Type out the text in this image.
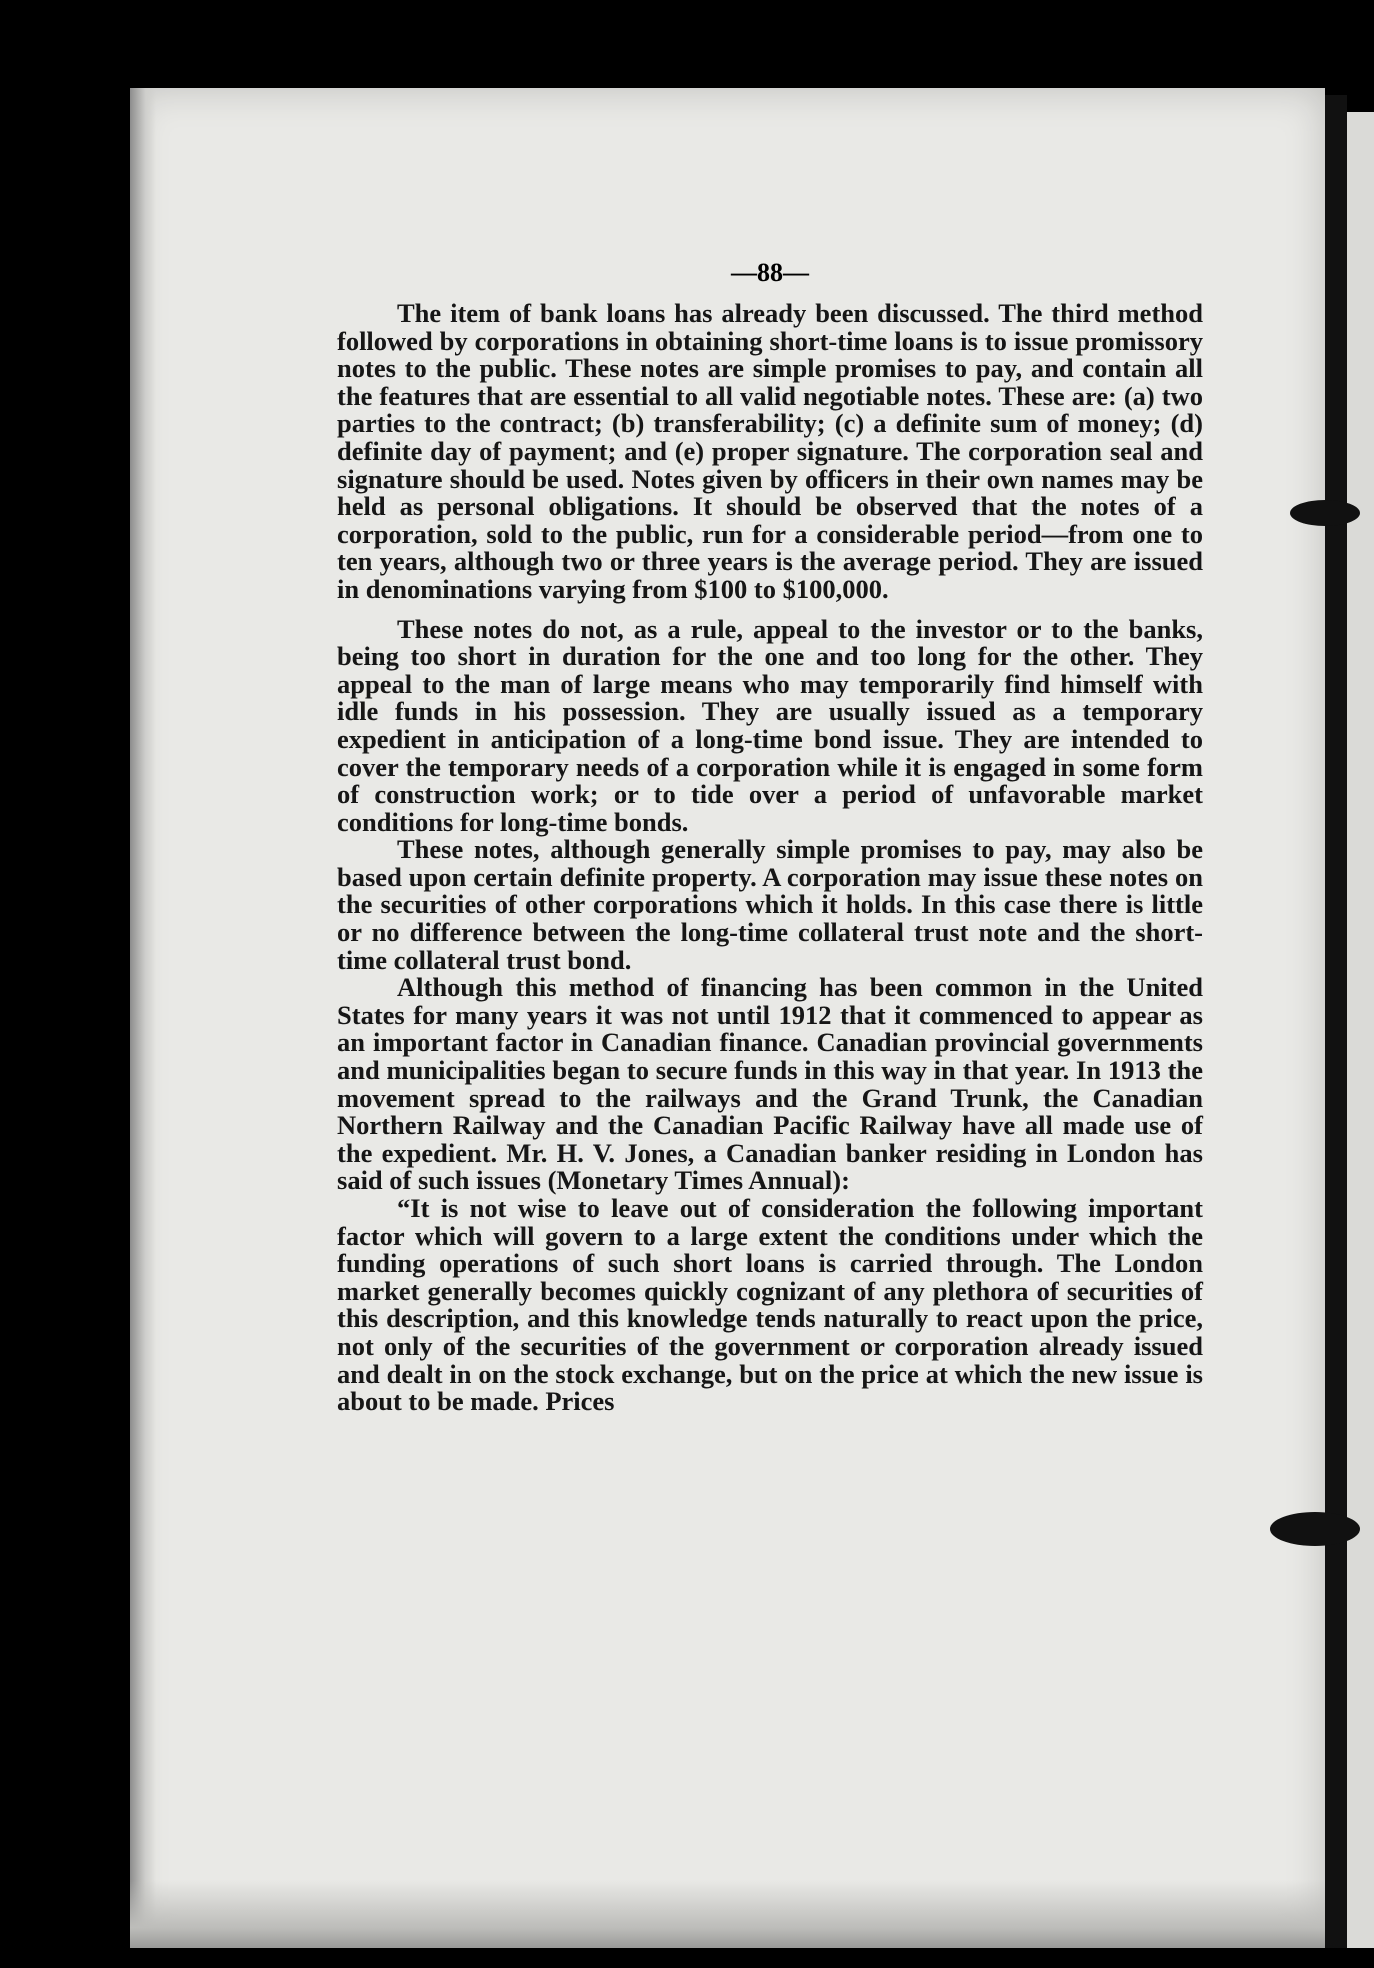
—88—

The item of bank loans has already been discussed. The third method followed by corporations in obtaining short-time loans is to issue promissory notes to the public. These notes are simple promises to pay, and contain all the features that are essential to all valid negotiable notes. These are: (a) two parties to the contract; (b) transferability; (c) a definite sum of money; (d) definite day of payment; and (e) proper signature. The corporation seal and signature should be used. Notes given by officers in their own names may be held as personal obligations. It should be observed that the notes of a corporation, sold to the public, run for a considerable period—from one to ten years, although two or three years is the average period. They are issued in denominations varying from $100 to $100,000.

These notes do not, as a rule, appeal to the investor or to the banks, being too short in duration for the one and too long for the other. They appeal to the man of large means who may temporarily find himself with idle funds in his possession. They are usually issued as a temporary expedient in anticipation of a long-time bond issue. They are intended to cover the temporary needs of a corporation while it is engaged in some form of construction work; or to tide over a period of unfavorable market conditions for long-time bonds.

These notes, although generally simple promises to pay, may also be based upon certain definite property. A corporation may issue these notes on the securities of other corporations which it holds. In this case there is little or no difference between the long-time collateral trust note and the short-time collateral trust bond.

Although this method of financing has been common in the United States for many years it was not until 1912 that it commenced to appear as an important factor in Canadian finance. Canadian provincial governments and municipalities began to secure funds in this way in that year. In 1913 the movement spread to the railways and the Grand Trunk, the Canadian Northern Railway and the Canadian Pacific Railway have all made use of the expedient. Mr. H. V. Jones, a Canadian banker residing in London has said of such issues (Monetary Times Annual):

“It is not wise to leave out of consideration the following important factor which will govern to a large extent the conditions under which the funding operations of such short loans is carried through. The London market generally becomes quickly cognizant of any plethora of securities of this description, and this knowledge tends naturally to react upon the price, not only of the securities of the government or corporation already issued and dealt in on the stock exchange, but on the price at which the new issue is about to be made. Prices
